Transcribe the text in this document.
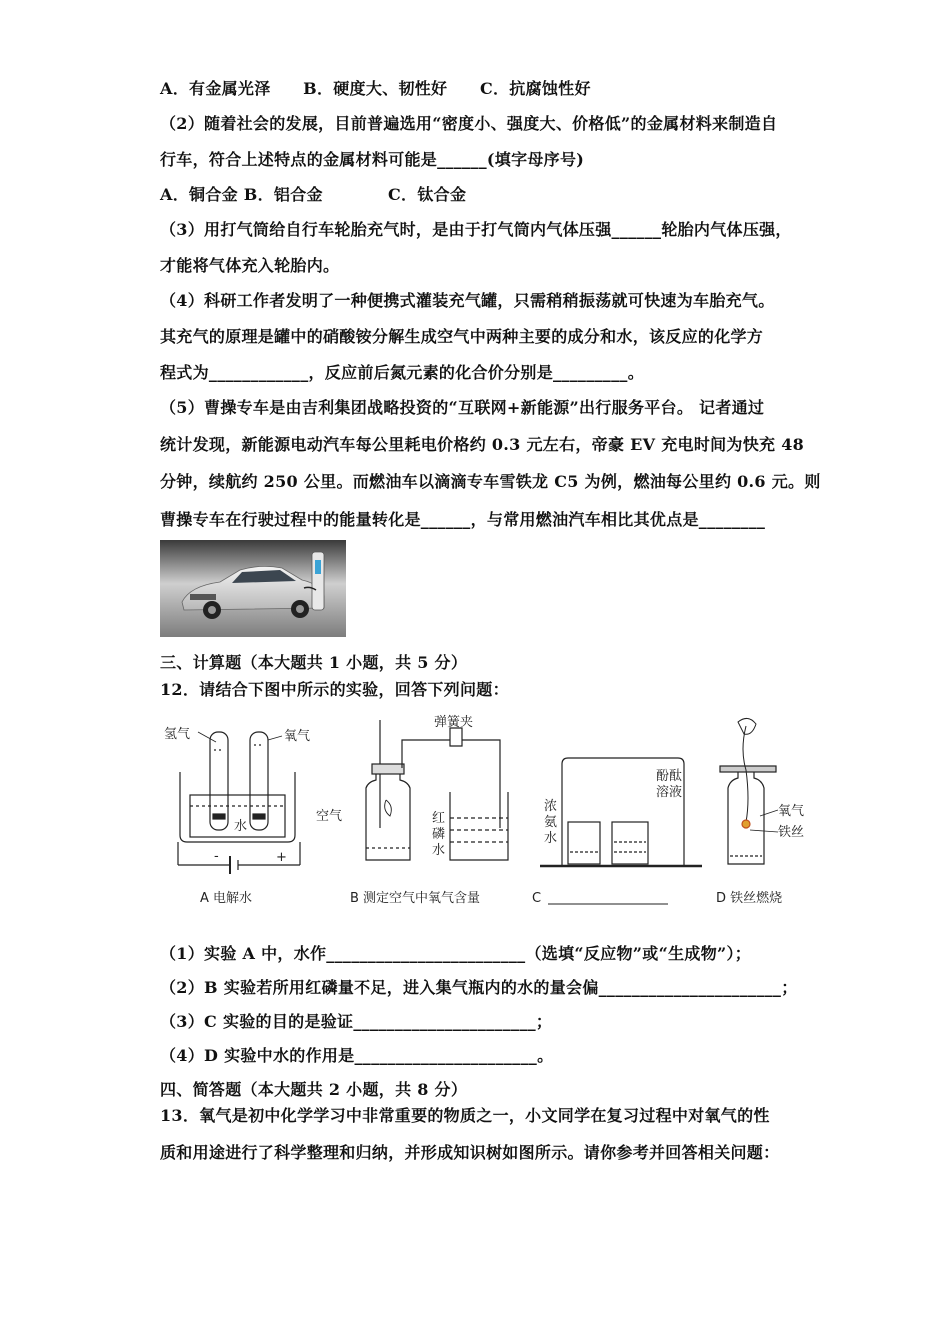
A．有金属光泽　　B．硬度大、韧性好　　C．抗腐蚀性好
（2）随着社会的发展，目前普遍选用“密度小、强度大、价格低”的金属材料来制造自
行车，符合上述特点的金属材料可能是______(填字母序号)
A．铜合金 B．铝合金　　　　C．钛合金
（3）用打气筒给自行车轮胎充气时，是由于打气筒内气体压强______轮胎内气体压强，
才能将气体充入轮胎内。
（4）科研工作者发明了一种便携式灌装充气罐，只需稍稍振荡就可快速为车胎充气。
其充气的原理是罐中的硝酸铵分解生成空气中两种主要的成分和水，该反应的化学方
程式为____________，反应前后氮元素的化合价分别是_________。
（5）曹操专车是由吉利集团战略投资的“互联网+新能源”出行服务平台。 记者通过
统计发现，新能源电动汽车每公里耗电价格约 0.3 元左右，帝豪 EV 充电时间为快充 48
分钟，续航约 250 公里。而燃油车以滴滴专车雪铁龙 C5 为例，燃油每公里约 0.6 元。则
曹操专车在行驶过程中的能量转化是______，与常用燃油汽车相比其优点是________
三、计算题（本大题共 1 小题，共 5 分）
12．请结合下图中所示的实验，回答下列问题：
氢气	氧气
水
-	+
弹簧夹
空气	红
磷
水
浓
氨
水
酚酞
溶液
氧气
铁丝
A 电解水	B 测定空气中氧气含量	C	D 铁丝燃烧
（1）实验 A 中，水作________________________（选填“反应物”或“生成物”）；
（2）B 实验若所用红磷量不足，进入集气瓶内的水的量会偏______________________；
（3）C 实验的目的是验证______________________；
（4）D 实验中水的作用是______________________。
四、简答题（本大题共 2 小题，共 8 分）
13．氧气是初中化学学习中非常重要的物质之一，小文同学在复习过程中对氧气的性
质和用途进行了科学整理和归纳，并形成知识树如图所示。请你参考并回答相关问题：
